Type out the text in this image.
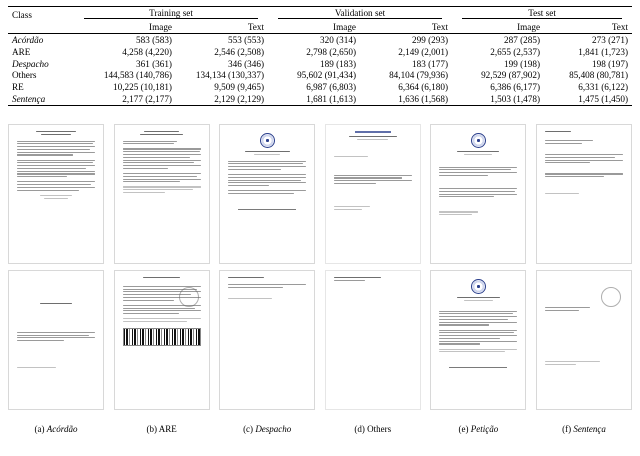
Class	Training set		Validation set		Test set	

	Image	Text	Image	Text	Image	Text
Acórdão	583 (583)	553 (553)	320 (314)	299 (293)	287 (285)	273 (271)
ARE	4,258 (4,220)	2,546 (2,508)	2,798 (2,650)	2,149 (2,001)	2,655 (2,537)	1,841 (1,723)
Despacho	361 (361)	346 (346)	189 (183)	183 (177)	199 (198)	198 (197)
Others	144,583 (140,786)	134,134 (130,337)	95,602 (91,434)	84,104 (79,936)	92,529 (87,902)	85,408 (80,781)
RE	10,225 (10,181)	9,509 (9,465)	6,987 (6,803)	6,364 (6,180)	6,386 (6,177)	6,331 (6,122)
Sentença	2,177 (2,177)	2,129 (2,129)	1,681 (1,613)	1,636 (1,568)	1,503 (1,478)	1,475 (1,450)
(a) Acórdão	(b) ARE	(c) Despacho	(d) Others	(e) Petição	(f) Sentença
